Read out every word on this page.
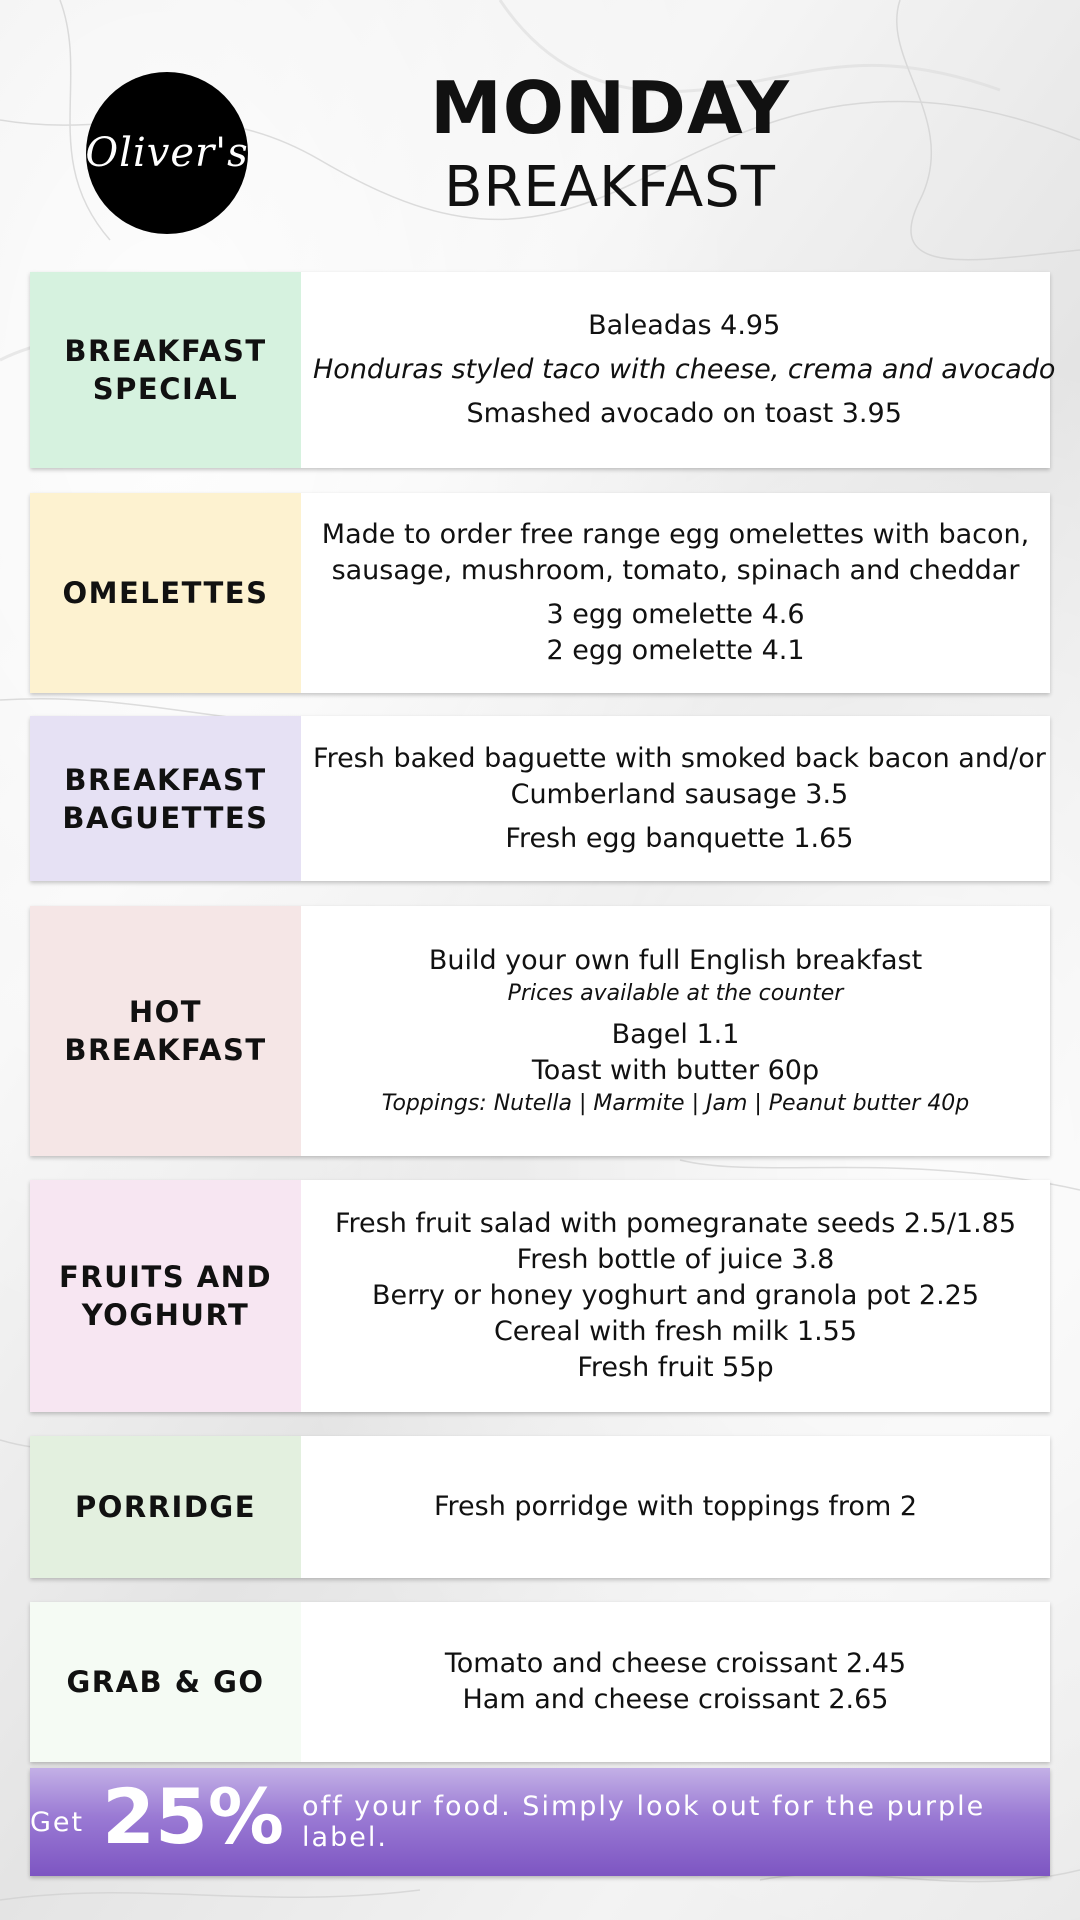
Oliver's
MONDAY
BREAKFAST
BREAKFAST
SPECIAL
Baleadas 4.95
Honduras styled taco with cheese, crema and avocado
Smashed avocado on toast 3.95
OMELETTES
Made to order free range egg omelettes with bacon,
sausage, mushroom, tomato, spinach and cheddar
3 egg omelette 4.6
2 egg omelette 4.1
BREAKFAST
BAGUETTES
Fresh baked baguette with smoked back bacon and/or
Cumberland sausage 3.5
Fresh egg banquette 1.65
HOT
BREAKFAST
Build your own full English breakfast
Prices available at the counter
Bagel 1.1
Toast with butter 60p
Toppings: Nutella | Marmite | Jam | Peanut butter 40p
FRUITS AND
YOGHURT
Fresh fruit salad with pomegranate seeds 2.5/1.85
Fresh bottle of juice 3.8
Berry or honey yoghurt and granola pot 2.25
Cereal with fresh milk 1.55
Fresh fruit 55p
PORRIDGE	Fresh porridge with toppings from 2
GRAB & GO
Tomato and cheese croissant 2.45
Ham and cheese croissant 2.65
Get 25% off your food. Simply look out for the purple label.
